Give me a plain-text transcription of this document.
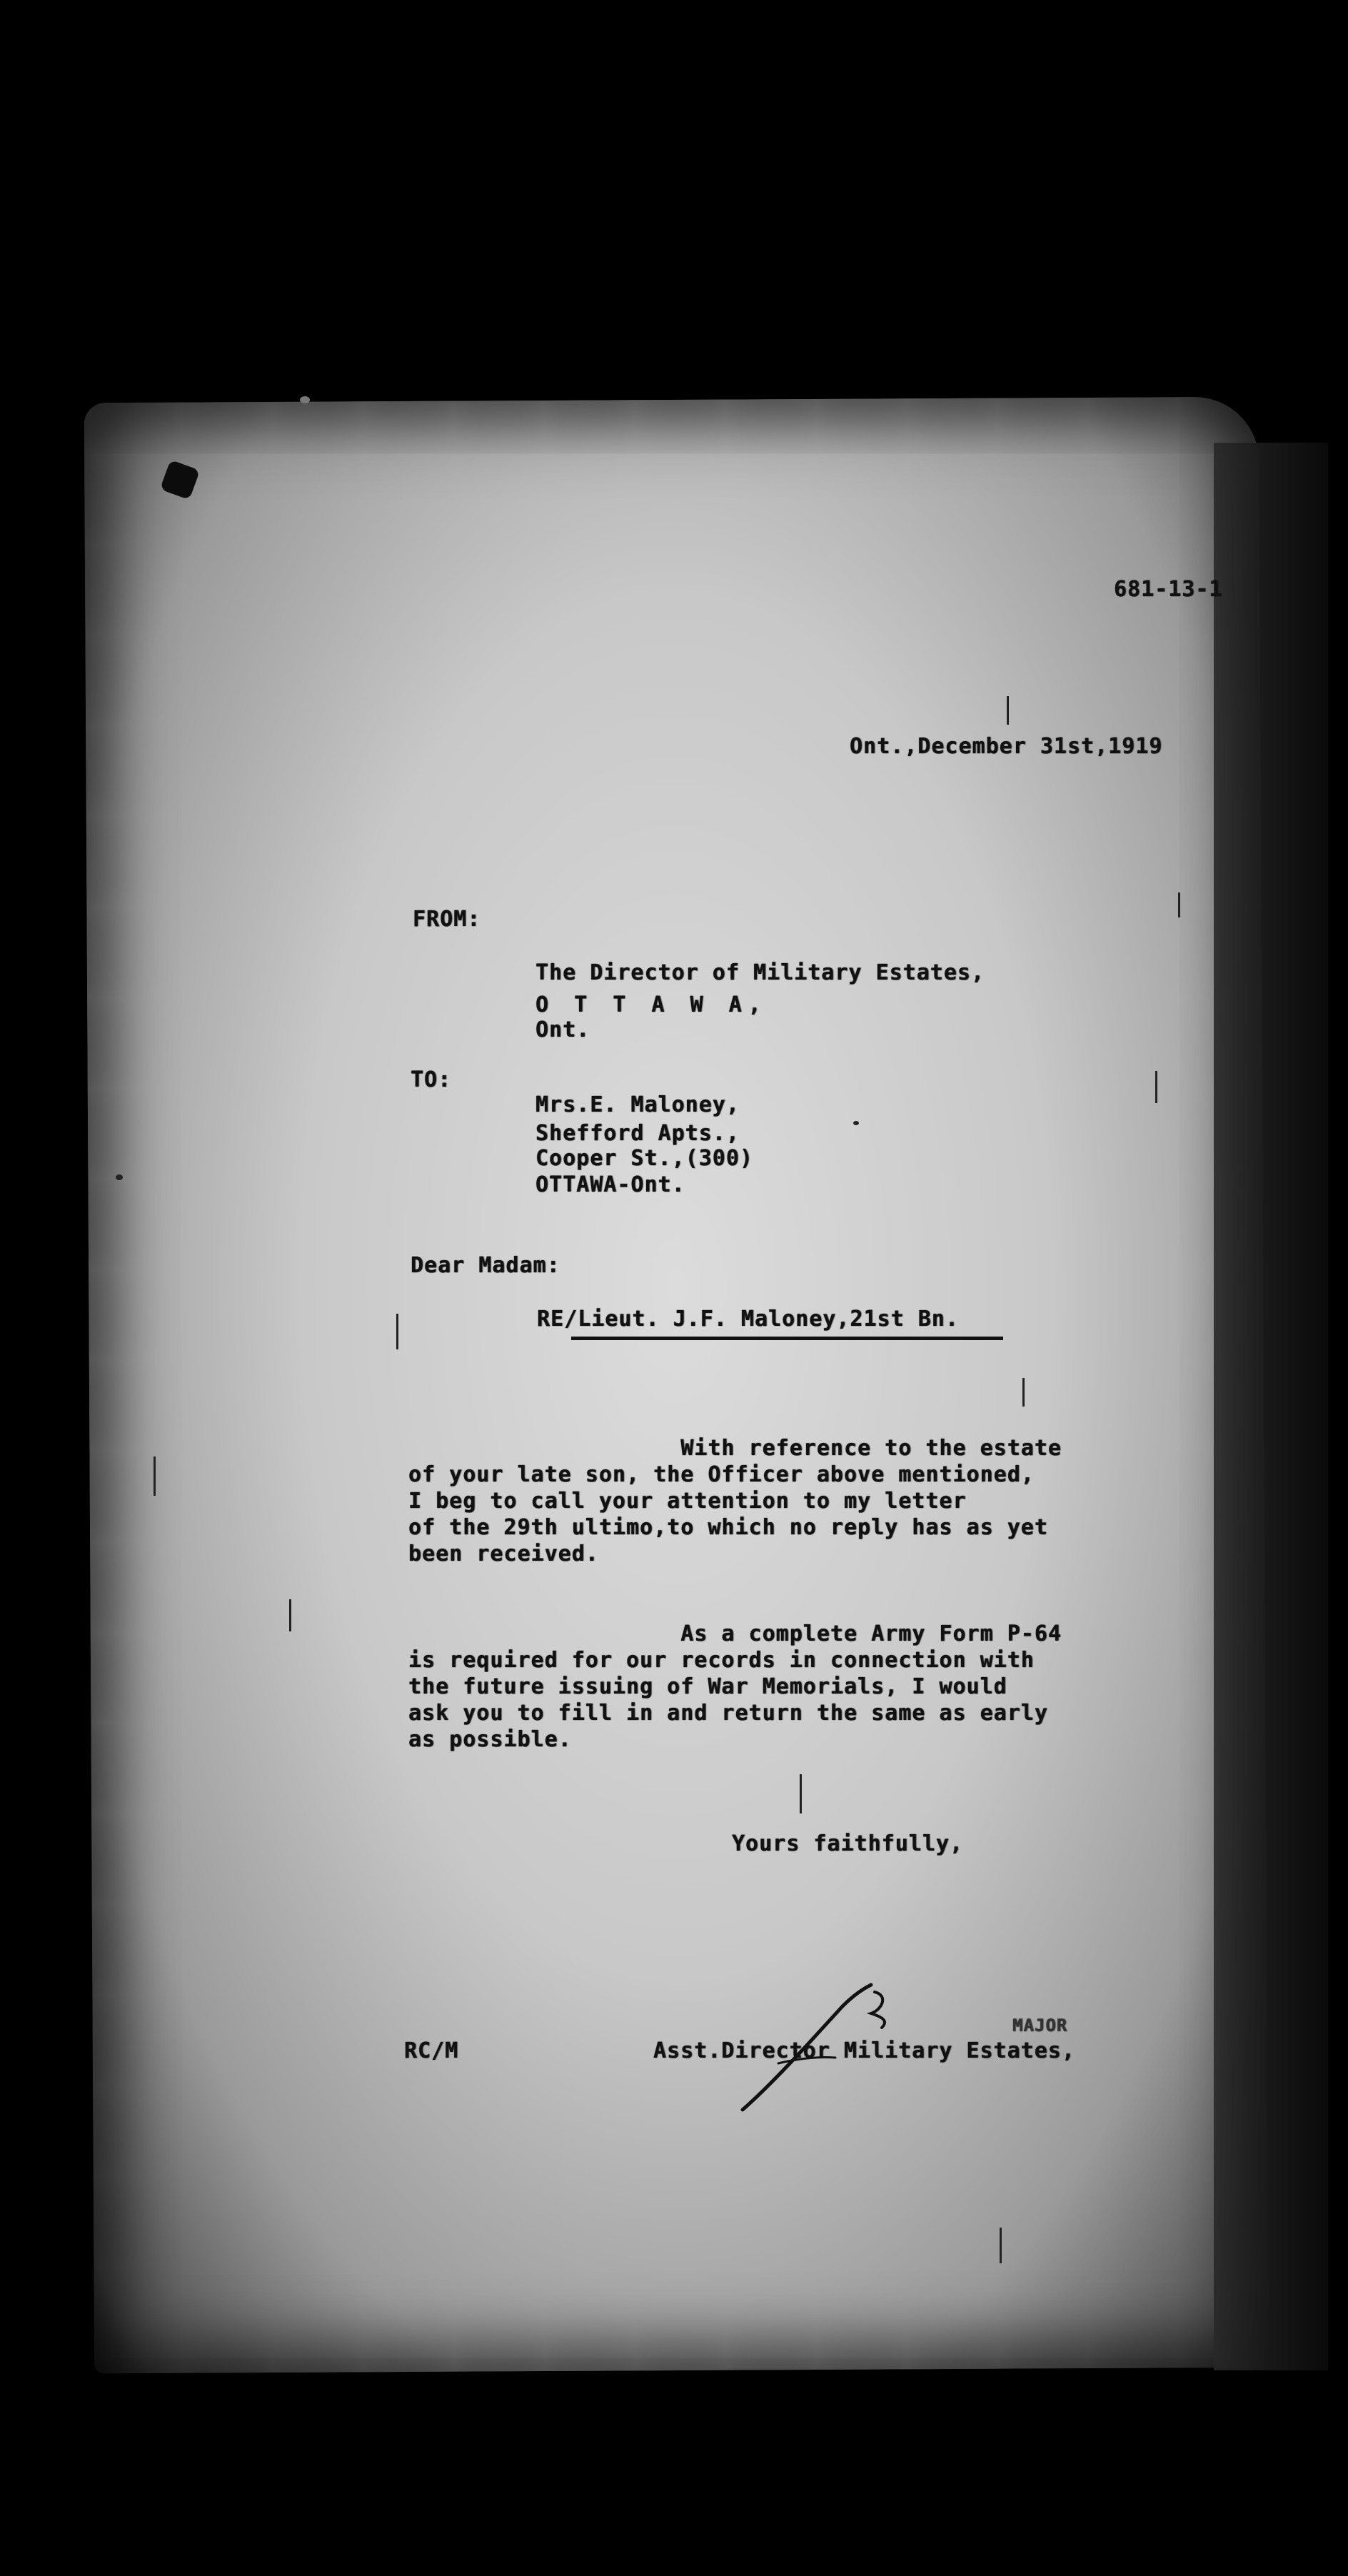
681-13-1
Ont.,December 31st,1919
FROM:
The Director of Military Estates,
O T T A W A,
Ont.
TO:
Mrs.E. Maloney,
Shefford Apts.,
Cooper St.,(300)
OTTAWA-Ont.
Dear Madam:
RE/Lieut. J.F. Maloney,21st Bn.
With reference to the estate
of your late son, the Officer above mentioned,
I beg to call your attention to my letter
of the 29th ultimo,to which no reply has as yet
been received.
As a complete Army Form P-64
is required for our records in connection with
the future issuing of War Memorials, I would
ask you to fill in and return the same as early
as possible.
Yours faithfully,
RC/M
MAJOR
Asst.Director Military Estates,
